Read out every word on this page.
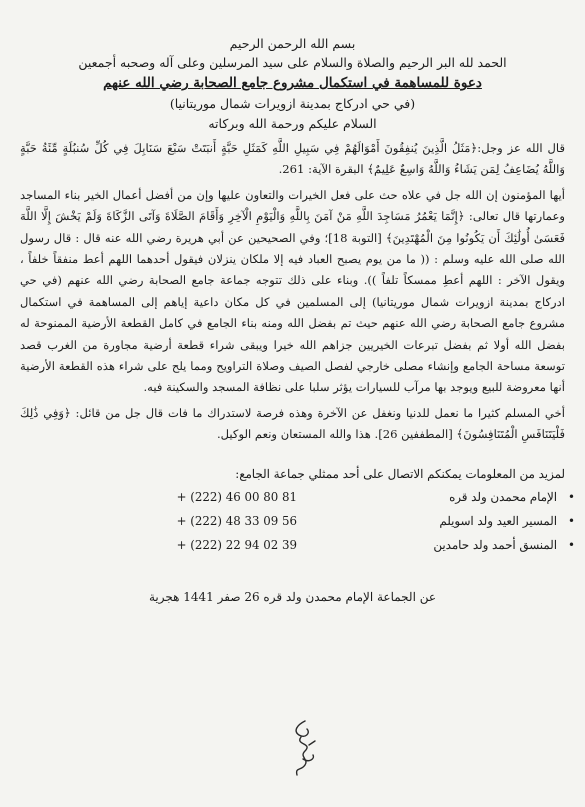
بسم الله الرحمن الرحيم
الحمد لله البر الرحيم والصلاة والسلام على سيد المرسلين وعلى آله وصحبه أجمعين
دعوة للمساهمة في استكمال مشروع جامع الصحابة رضي الله عنهم
(في حي ادركاج بمدينة ازويرات شمال موريتانيا)
السلام عليكم ورحمة الله وبركاته

قال الله عز وجل:﴿مَثَلُ الَّذِينَ يُنفِقُونَ أَمْوَالَهُمْ فِي سَبِيلِ اللَّهِ كَمَثَلِ حَبَّةٍ أَنبَتَتْ سَبْعَ سَنَابِلَ فِي كُلِّ سُنبُلَةٍ مِّئَةُ حَبَّةٍ وَاللَّهُ يُضَاعِفُ لِمَن يَشَاءُ وَاللَّهُ وَاسِعٌ عَلِيمٌ﴾ البقرة الآية: 261.

أيها المؤمنون إن الله جل في علاه حث على فعل الخيرات والتعاون عليها وإن من أفضل أعمال الخير بناء المساجد وعمارتها قال تعالى: ﴿إِنَّمَا يَعْمُرُ مَسَاجِدَ اللَّهِ مَنْ آمَنَ بِاللَّهِ وَالْيَوْمِ الْآخِرِ وَأَقَامَ الصَّلَاةَ وَآتَى الزَّكَاةَ وَلَمْ يَخْشَ إِلَّا اللَّهَ فَعَسَىٰ أُولَٰئِكَ أَن يَكُونُوا مِنَ الْمُهْتَدِينَ﴾ [التوبة 18]؛ وفي الصحيحين عن أبي هريرة رضي الله عنه قال : قال رسول الله صلى الله عليه وسلم : (( ما من يوم يصبح العباد فيه إلا ملكان ينزلان فيقول أحدهما اللهم أعط منفقاً خلفاً ، ويقول الآخر : اللهم أعطِ ممسكاً تلفاً )). وبناء على ذلك تتوجه جماعة جامع الصحابة رضي الله عنهم (في حي ادركاج بمدينة ازويرات شمال موريتانيا) إلى المسلمين في كل مكان داعية إياهم إلى المساهمة في استكمال مشروع جامع الصحابة رضي الله عنهم حيث تم بفضل الله ومنه بناء الجامع في كامل القطعة الأرضية الممنوحة له بفضل الله أولا ثم بفضل تبرعات الخيريين جزاهم الله خيرا ويبقى شراء قطعة أرضية مجاورة من الغرب قصد توسعة مساحة الجامع وإنشاء مصلى خارجي لفصل الصيف وصلاة التراويح ومما يلح على شراء هذه القطعة الأرضية أنها معروضة للبيع ويوجد بها مرآب للسيارات يؤثر سلبا على نظافة المسجد والسكينة فيه.

أخي المسلم كثيرا ما نعمل للدنيا ونغفل عن الآخرة وهذه فرصة لاستدراك ما فات قال جل من قائل: ﴿وَفِي ذَٰلِكَ فَلْيَتَنَافَسِ الْمُتَنَافِسُونَ﴾ [المطففين 26]. هذا والله المستعان ونعم الوكيل.

لمزيد من المعلومات يمكنكم الاتصال على أحد ممثلي جماعة الجامع:
•
الإمام محمدن ولد قره
+ (222) 46 00 80 81
•
المسير العيد ولد اسويلم
+ (222) 48 33 09 56
•
المنسق أحمد ولد حامدين
+ (222) 22 94 02 39
عن الجماعة الإمام محمدن ولد قره 26 صفر 1441 هجرية
